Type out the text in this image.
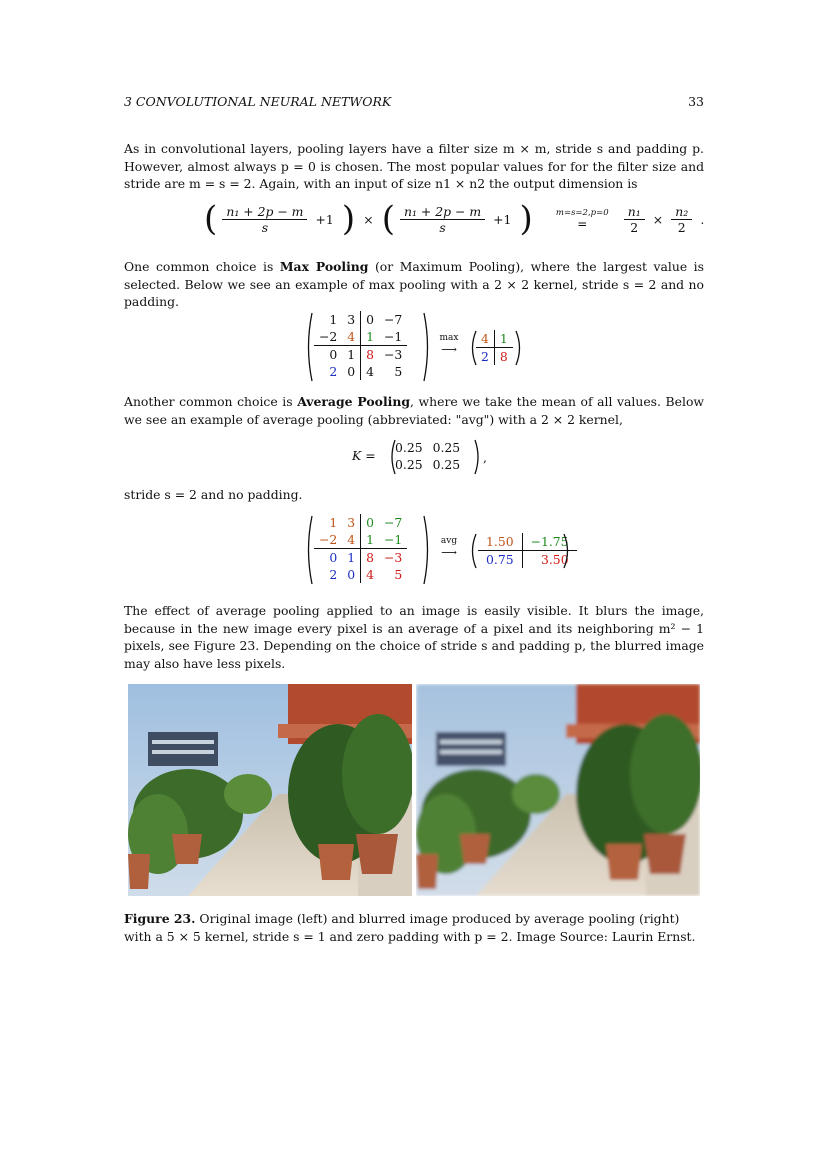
3 CONVOLUTIONAL NEURAL NETWORK	33
As in convolutional layers, pooling layers have a filter size m × m, stride s and padding p. However, almost always p = 0 is chosen. The most popular values for for the filter size and stride are m = s = 2. Again, with an input of size n1 × n2 the output dimension is
( $\frac{\text{n₁ + 2p − m}}{s} +1$ ) × ( $\frac{\text{n₁ + 2p − m}}{s} +1$ )	m=s=2,p=0
=
	$\frac{\text{n₁}}{2} \times \frac{\text{n₂}}{2}$ .
One common choice is Max Pooling (or Maximum Pooling), where the largest value is selected. Below we see an example of max pooling with a 2 × 2 kernel, stride s = 2 and no padding.
1	3	0	−7
−2	4	1	−1
0	1	8	−3
2	0	4	5
max
⟶
4	1
2	8
Another common choice is Average Pooling, where we take the mean of all values. Below we see an example of average pooling (abbreviated: "avg") with a 2 × 2 kernel,
K =
0.25	0.25
0.25	0.25 ,
stride s = 2 and no padding.
1	3	0	−7
−2	4	1	−1
0	1	8	−3
2	0	4	5
avg
⟶
1.50	−1.75
0.75	3.50
The effect of average pooling applied to an image is easily visible. It blurs the image, because in the new image every pixel is an average of a pixel and its neighboring m² − 1 pixels, see Figure 23. Depending on the choice of stride s and padding p, the blurred image may also have less pixels.
Figure 23. Original image (left) and blurred image produced by average pooling (right) with a 5 × 5 kernel, stride s = 1 and zero padding with p = 2. Image Source: Laurin Ernst.
